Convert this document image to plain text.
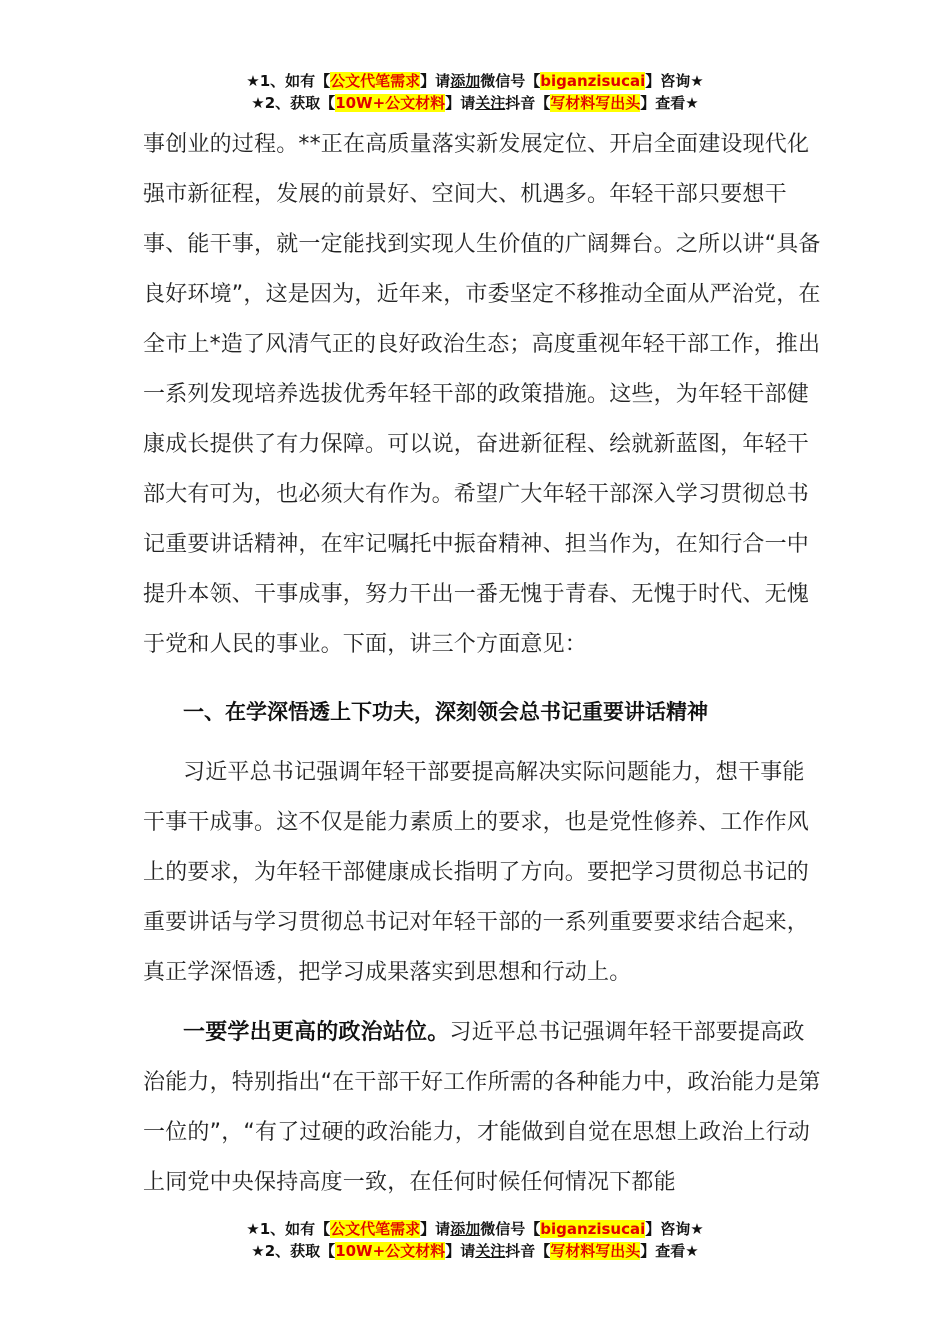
★1、如有【公文代笔需求】请添加微信号【biganzisucai】咨询★
★2、获取【10W+公文材料】请关注抖音【写材料写出头】查看★

事创业的过程。**正在高质量落实新发展定位、开启全面建设现代化强市新征程，发展的前景好、空间大、机遇多。年轻干部只要想干事、能干事，就一定能找到实现人生价值的广阔舞台。之所以讲“具备良好环境”，这是因为，近年来，市委坚定不移推动全面从严治党，在全市上*造了风清气正的良好政治生态；高度重视年轻干部工作，推出一系列发现培养选拔优秀年轻干部的政策措施。这些，为年轻干部健康成长提供了有力保障。可以说，奋进新征程、绘就新蓝图，年轻干部大有可为，也必须大有作为。希望广大年轻干部深入学习贯彻总书记重要讲话精神，在牢记嘱托中振奋精神、担当作为，在知行合一中提升本领、干事成事，努力干出一番无愧于青春、无愧于时代、无愧于党和人民的事业。下面，讲三个方面意见：

一、在学深悟透上下功夫，深刻领会总书记重要讲话精神

习近平总书记强调年轻干部要提高解决实际问题能力，想干事能干事干成事。这不仅是能力素质上的要求，也是党性修养、工作作风上的要求，为年轻干部健康成长指明了方向。要把学习贯彻总书记的重要讲话与学习贯彻总书记对年轻干部的一系列重要要求结合起来，真正学深悟透，把学习成果落实到思想和行动上。

一要学出更高的政治站位。习近平总书记强调年轻干部要提高政治能力，特别指出“在干部干好工作所需的各种能力中，政治能力是第一位的”，“有了过硬的政治能力，才能做到自觉在思想上政治上行动上同党中央保持高度一致，在任何时候任何情况下都能

★1、如有【公文代笔需求】请添加微信号【biganzisucai】咨询★
★2、获取【10W+公文材料】请关注抖音【写材料写出头】查看★
